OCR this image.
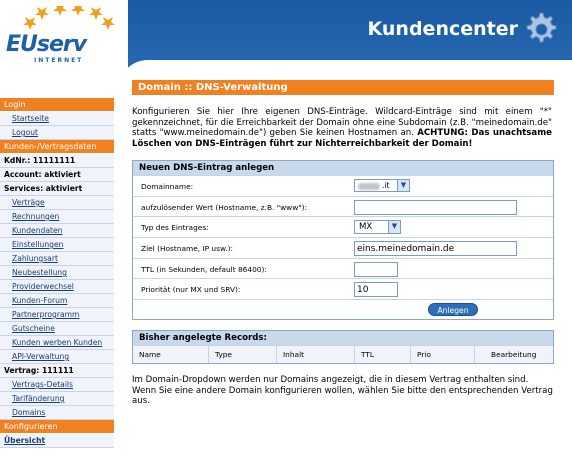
Kundencenter
EUserv
INTERNET
Login
Startseite
Logout
Kunden-/Vertragsdaten
KdNr.: 11111111
Account: aktiviert
Services: aktiviert
Verträge
Rechnungen
Kundendaten
Einstellungen
Zahlungsart
Neubestellung
Providerwechsel
Kunden-Forum
Partnerprogramm
Gutscheine
Kunden werben Kunden
API-Verwaltung
Vertrag: 111111
Vertrags-Details
Tarifänderung
Domains
Konfigurieren
Übersicht
Domain :: DNS-Verwaltung
Konfigurieren Sie hier Ihre eigenen DNS-Einträge. Wildcard-Einträge sind mit einem "*" gekennzeichnet, für die Erreichbarkeit der Domain ohne eine Subdomain (z.B. "meinedomain.de" statts "www.meinedomain.de") geben Sie keinen Hostnamen an. ACHTUNG: Das unachtsame Löschen von DNS-Einträgen führt zur Nichterreichbarkeit der Domain!
Neuen DNS-Eintrag anlegen
Domainname:	.it	▼
aufzulösender Wert (Hostname, z.B. "www"):
Typ des Eintrages:	MX	▼
Ziel (Hostname, IP usw.):	eins.meinedomain.de
TTL (in Sekunden, default 86400):
Priorität (nur MX und SRV):	10
Anlegen
Bisher angelegte Records:
Name	Type	Inhalt	TTL	Prio	Bearbeitung
Im Domain-Dropdown werden nur Domains angezeigt, die in diesem Vertrag enthalten sind. Wenn Sie eine andere Domain konfigurieren wollen, wählen Sie bitte den entsprechenden Vertrag aus.
